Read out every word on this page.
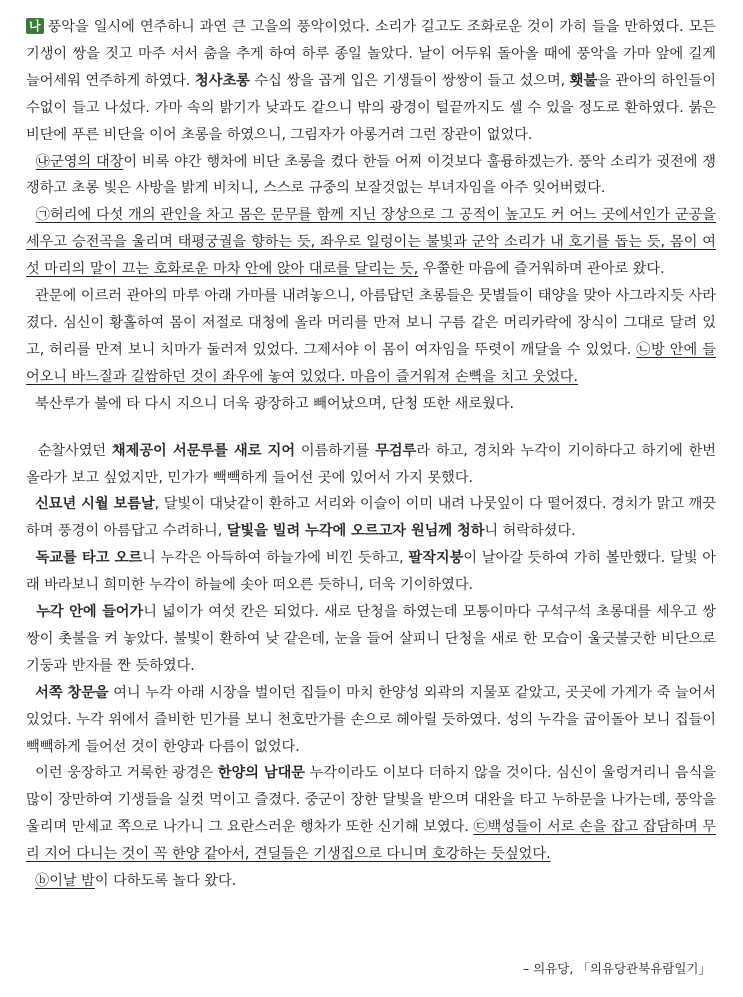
나 풍악을 일시에 연주하니 과연 큰 고을의 풍악이었다. 소리가 길고도 조화로운 것이 가히 들을 만하였다. 모든 기생이 쌍을 짓고 마주 서서 춤을 추게 하여 하루 종일 놀았다. 날이 어두워 돌아올 때에 풍악을 가마 앞에 길게 늘어세워 연주하게 하였다. 청사초롱 수십 쌍을 곱게 입은 기생들이 쌍쌍이 들고 섰으며, 횃불을 관아의 하인들이 수없이 들고 나섰다. 가마 속의 밝기가 낮과도 같으니 밖의 광경이 털끝까지도 셀 수 있을 정도로 환하였다. 붉은 비단에 푸른 비단을 이어 초롱을 하였으니, 그림자가 아롱거려 그런 장관이 없었다.

㉯군영의 대장이 비록 야간 행차에 비단 초롱을 켰다 한들 어찌 이것보다 훌륭하겠는가. 풍악 소리가 귓전에 쟁쟁하고 초롱 빛은 사방을 밝게 비치니, 스스로 규중의 보잘것없는 부녀자임을 아주 잊어버렸다.

㉠허리에 다섯 개의 관인을 차고 몸은 문무를 함께 지닌 장상으로 그 공적이 높고도 커 어느 곳에서인가 군공을 세우고 승전곡을 울리며 태평궁궐을 향하는 듯, 좌우로 일렁이는 불빛과 군악 소리가 내 호기를 돕는 듯, 몸이 여섯 마리의 말이 끄는 호화로운 마차 안에 앉아 대로를 달리는 듯, 우쭐한 마음에 즐거워하며 관아로 왔다.

관문에 이르러 관아의 마루 아래 가마를 내려놓으니, 아름답던 초롱들은 뭇별들이 태양을 맞아 사그라지듯 사라졌다. 심신이 황홀하여 몸이 저절로 대청에 올라 머리를 만져 보니 구름 같은 머리카락에 장식이 그대로 달려 있고, 허리를 만져 보니 치마가 둘러져 있었다. 그제서야 이 몸이 여자임을 뚜렷이 깨달을 수 있었다. ㉡방 안에 들어오니 바느질과 길쌈하던 것이 좌우에 놓여 있었다. 마음이 즐거워져 손뼉을 치고 웃었다.

북산루가 불에 타 다시 지으니 더욱 광장하고 빼어났으며, 단청 또한 새로웠다.

순찰사였던 채제공이 서문루를 새로 지어 이름하기를 무검루라 하고, 경치와 누각이 기이하다고 하기에 한번 올라가 보고 싶었지만, 민가가 빽빽하게 들어선 곳에 있어서 가지 못했다.

신묘년 시월 보름날, 달빛이 대낮같이 환하고 서리와 이슬이 이미 내려 나뭇잎이 다 떨어졌다. 경치가 맑고 깨끗하며 풍경이 아름답고 수려하니, 달빛을 빌려 누각에 오르고자 원님께 청하니 허락하셨다.

독교를 타고 오르니 누각은 아득하여 하늘가에 비낀 듯하고, 팔작지붕이 날아갈 듯하여 가히 볼만했다. 달빛 아래 바라보니 희미한 누각이 하늘에 솟아 떠오른 듯하니, 더욱 기이하였다.

누각 안에 들어가니 넓이가 여섯 칸은 되었다. 새로 단청을 하였는데 모퉁이마다 구석구석 초롱대를 세우고 쌍쌍이 촛불을 켜 놓았다. 불빛이 환하여 낮 같은데, 눈을 들어 살피니 단청을 새로 한 모습이 울긋불긋한 비단으로 기둥과 반자를 짠 듯하였다.

서쪽 창문을 여니 누각 아래 시장을 벌이던 집들이 마치 한양성 외곽의 지물포 같았고, 곳곳에 가게가 죽 늘어서 있었다. 누각 위에서 즐비한 민가를 보니 천호만가를 손으로 헤아릴 듯하였다. 성의 누각을 굽이돌아 보니 집들이 빽빽하게 들어선 것이 한양과 다름이 없었다.

이런 웅장하고 거룩한 광경은 한양의 남대문 누각이라도 이보다 더하지 않을 것이다. 심신이 울렁거리니 음식을 많이 장만하여 기생들을 실컷 먹이고 즐겼다. 중군이 장한 달빛을 받으며 대완을 타고 누하문을 나가는데, 풍악을 울리며 만세교 쪽으로 나가니 그 요란스러운 행차가 또한 신기해 보였다. ㉢백성들이 서로 손을 잡고 잡담하며 무리 지어 다니는 것이 꼭 한양 같아서, 견딜들은 기생집으로 다니며 호강하는 듯싶었다.

ⓑ이날 밤이 다하도록 놀다 왔다.

– 의유당, 「의유당관북유람일기」
